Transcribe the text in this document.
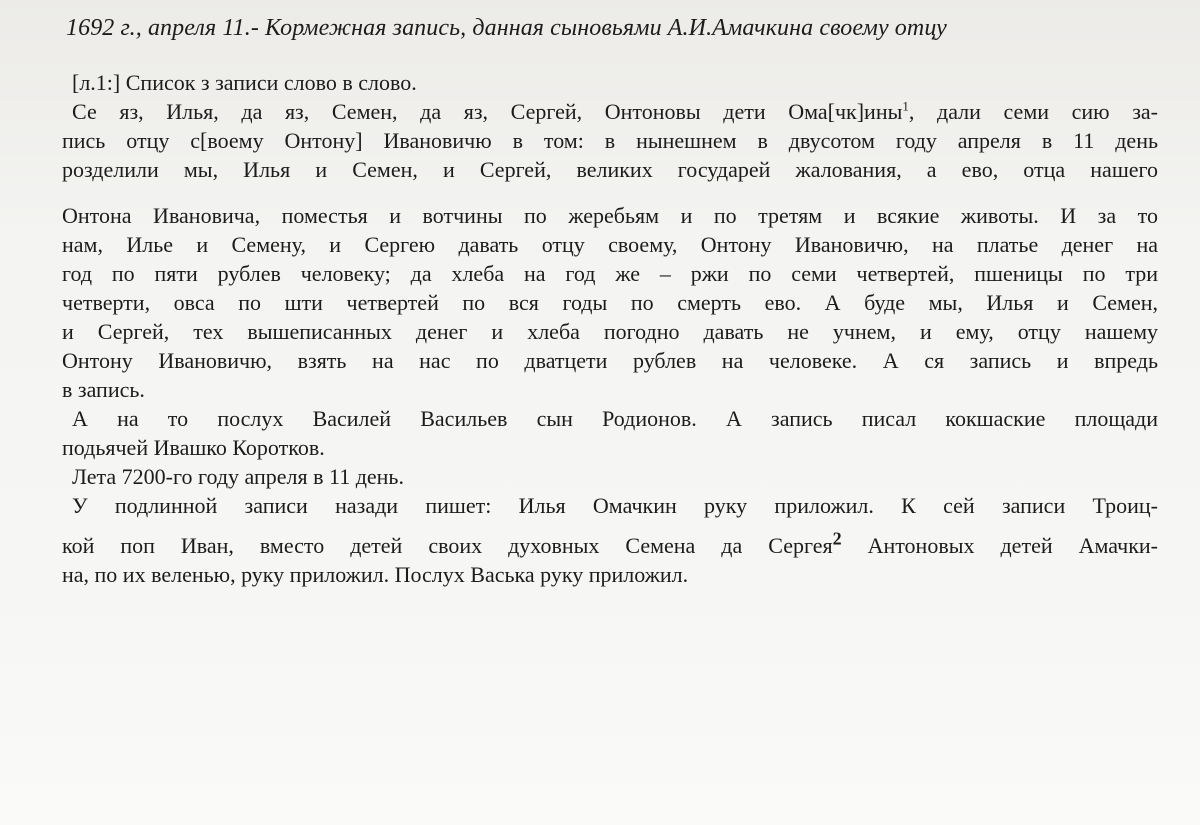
1692 г., апреля 11.- Кормежная запись, данная сыновьями А.И.Амачкина своему отцу
[л.1:] Список з записи слово в слово.
Се яз, Илья, да яз, Семен, да яз, Сергей, Онтоновы дети Ома[чк]ины$^1$, дали семи сию за-
пись отцу с[воему Онтону] Ивановичю в том: в нынешнем в двусотом году апреля в 11 день
розделили мы, Илья и Семен, и Сергей, великих государей жалования, а ево, отца нашего
Онтона Ивановича, поместья и вотчины по жеребьям и по третям и всякие животы. И за то
нам, Илье и Семену, и Сергею давать отцу своему, Онтону Ивановичю, на платье денег на
год по пяти рублев человеку; да хлеба на год же – ржи по семи четвертей, пшеницы по три
четверти, овса по шти четвертей по вся годы по смерть ево. А буде мы, Илья и Семен,
и Сергей, тех вышеписанных денег и хлеба погодно давать не учнем, и ему, отцу нашему
Онтону Ивановичю, взять на нас по дватцети рублев на человеке. А ся запись и впредь
в запись.
А на то послух Василей Васильев сын Родионов. А запись писал кокшаские площади
подьячей Ивашко Коротков.
Лета 7200-го году апреля в 11 день.
У подлинной записи назади пишет: Илья Омачкин руку приложил. К сей записи Троиц-
кой поп Иван, вместо детей своих духовных Семена да Сергея$^2$ Антоновых детей Амачки-
на, по их веленью, руку приложил. Послух Васька руку приложил.
